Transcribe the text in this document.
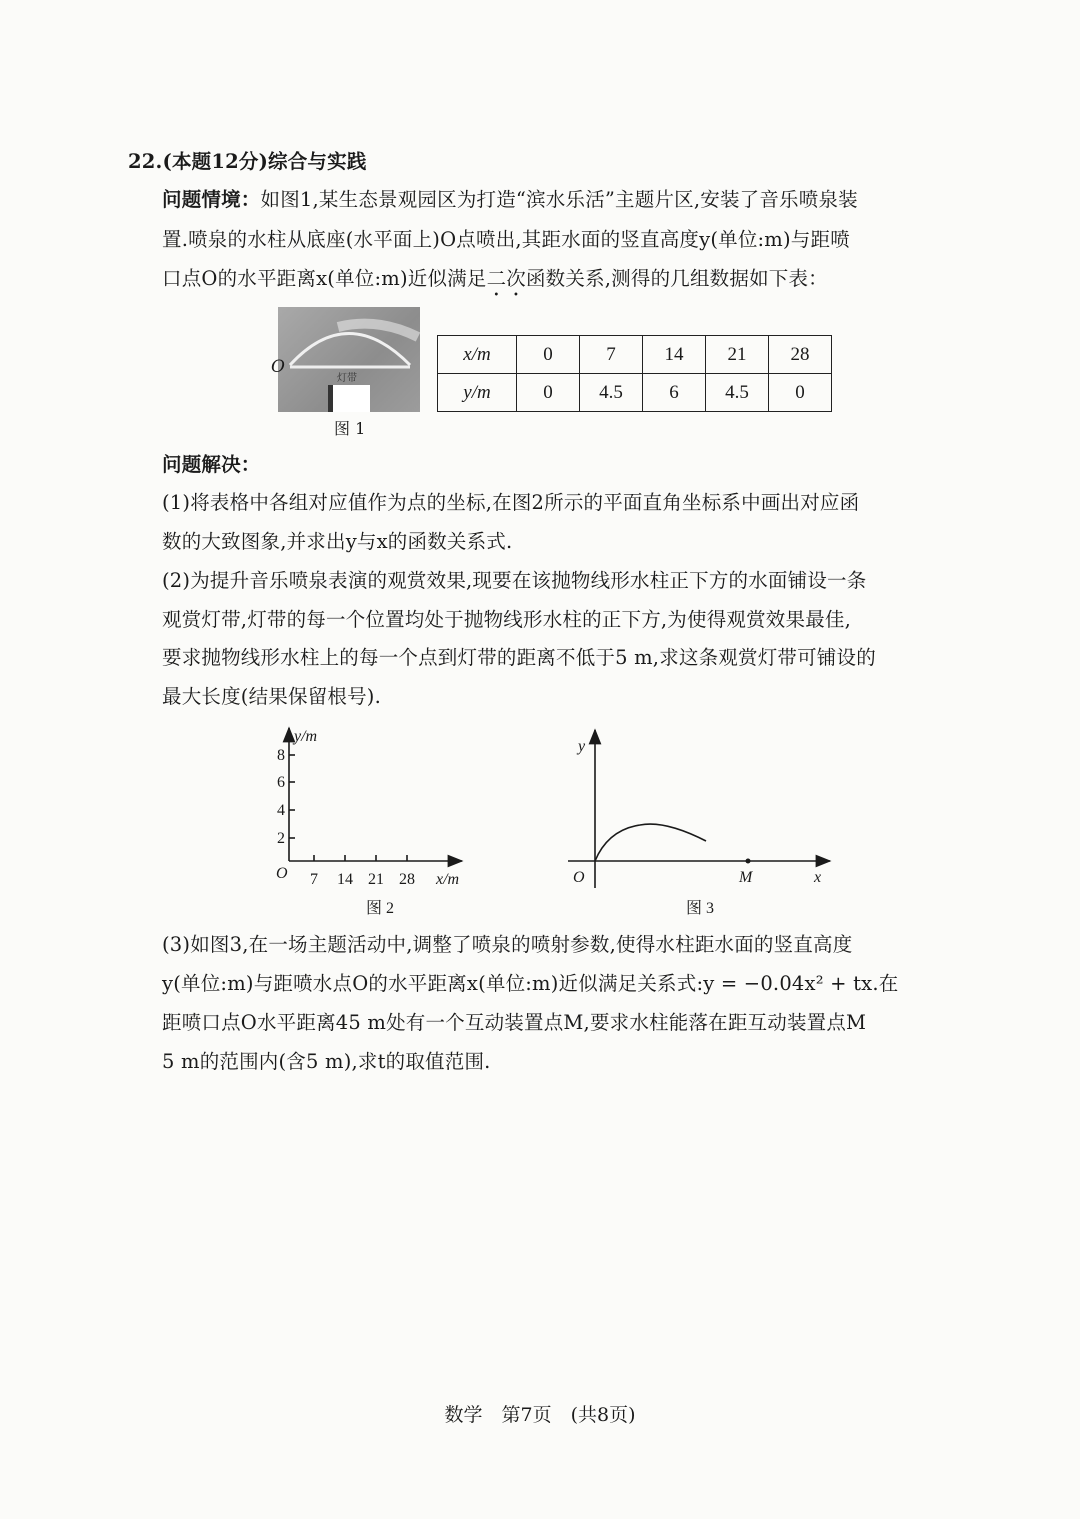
22.(本题12分)综合与实践
问题情境：如图1,某生态景观园区为打造“滨水乐活”主题片区,安装了音乐喷泉装
置.喷泉的水柱从底座(水平面上)O点喷出,其距水面的竖直高度y(单位:m)与距喷
口点O的水平距离x(单位:m)近似满足二次函数关系,测得的几组数据如下表：
O
灯带
图 1
x/m	0	7	14	21	28
y/m	0	4.5	6	4.5	0
问题解决：
(1)将表格中各组对应值作为点的坐标,在图2所示的平面直角坐标系中画出对应函
数的大致图象,并求出y与x的函数关系式.
(2)为提升音乐喷泉表演的观赏效果,现要在该抛物线形水柱正下方的水面铺设一条
观赏灯带,灯带的每一个位置均处于抛物线形水柱的正下方,为使得观赏效果最佳,
要求抛物线形水柱上的每一个点到灯带的距离不低于5 m,求这条观赏灯带可铺设的
最大长度(结果保留根号).
y/m
2
4
6
8
O 7 14 21 28 x/m
图 2
y
O	M	x
图 3
(3)如图3,在一场主题活动中,调整了喷泉的喷射参数,使得水柱距水面的竖直高度
y(单位:m)与距喷水点O的水平距离x(单位:m)近似满足关系式:y = −0.04x² + tx.在
距喷口点O水平距离45 m处有一个互动装置点M,要求水柱能落在距互动装置点M
5 m的范围内(含5 m),求t的取值范围.
数学　第7页　(共8页)
